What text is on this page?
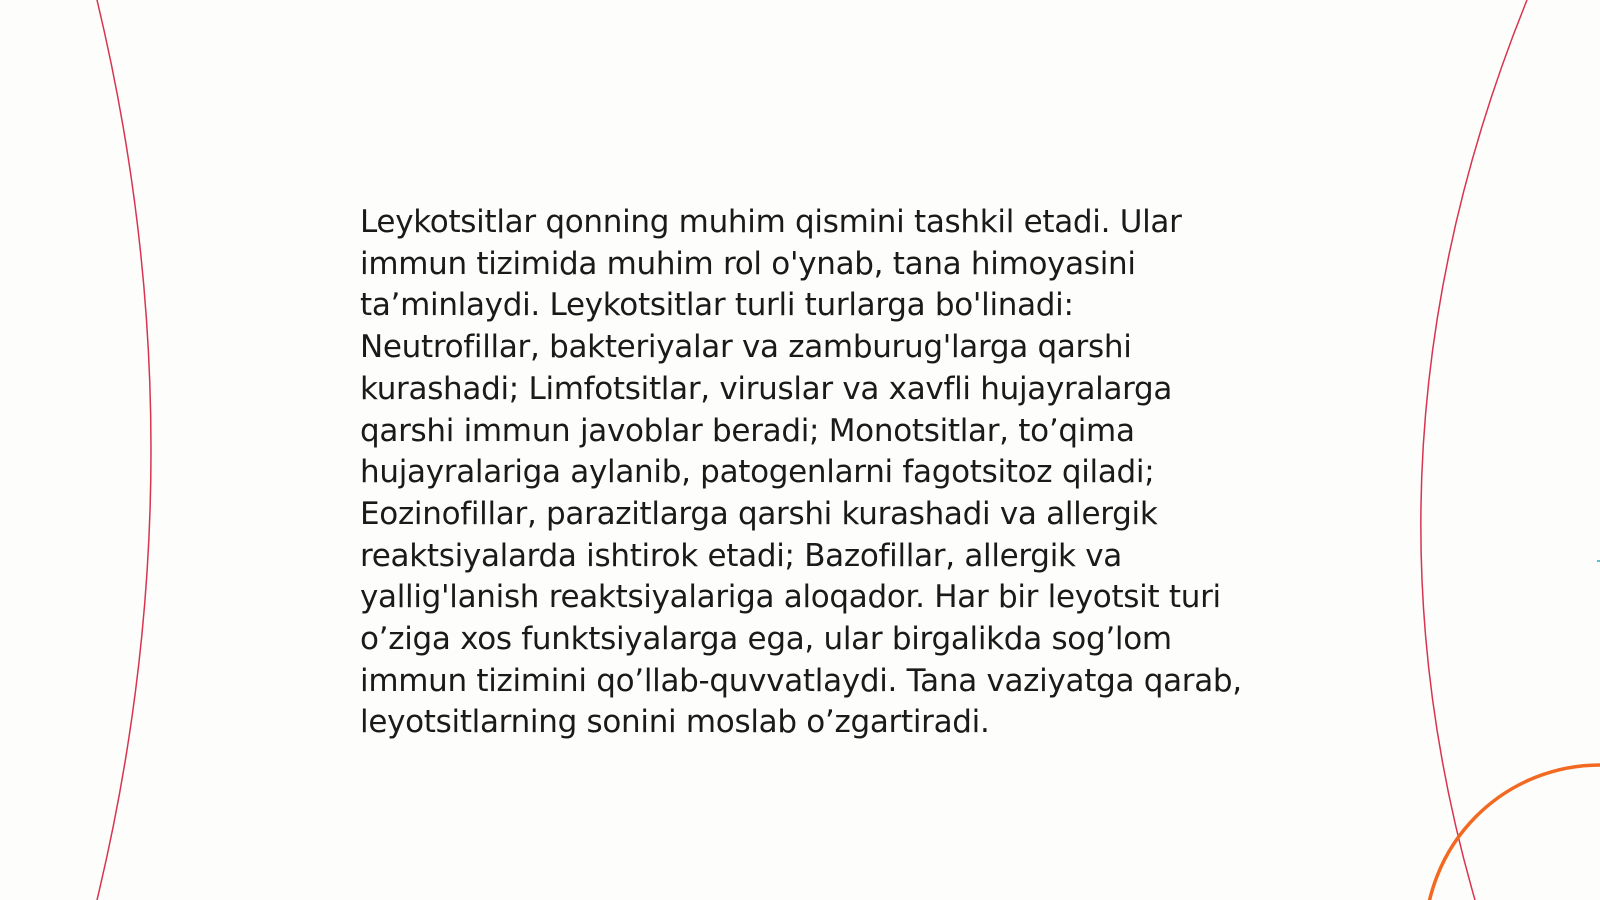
Leykotsitlar qonning muhim qismini tashkil etadi. Ular immun tizimida muhim rol o'ynab, tana himoyasini ta’minlaydi. Leykotsitlar turli turlarga bo'linadi: Neutrofillar, bakteriyalar va zamburug'larga qarshi kurashadi; Limfotsitlar, viruslar va xavfli hujayralarga qarshi immun javoblar beradi; Monotsitlar, to’qima hujayralariga aylanib, patogenlarni fagotsitoz qiladi; Eozinofillar, parazitlarga qarshi kurashadi va allergik reaktsiyalarda ishtirok etadi; Bazofillar, allergik va yallig'lanish reaktsiyalariga aloqador. Har bir leyotsit turi o’ziga xos funktsiyalarga ega, ular birgalikda sog’lom immun tizimini qo’llab-quvvatlaydi. Tana vaziyatga qarab, leyotsitlarning sonini moslab o’zgartiradi.
